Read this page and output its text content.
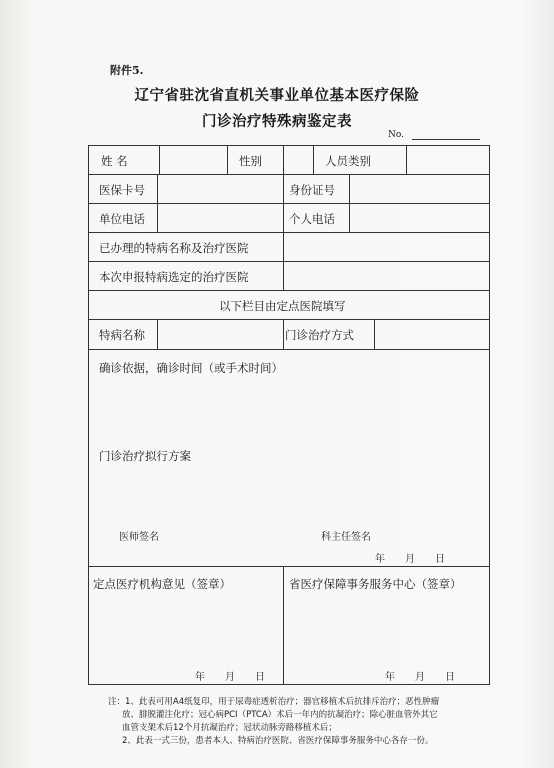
附件5.
辽宁省驻沈省直机关事业单位基本医疗保险
门诊治疗特殊病鉴定表
No.
姓 名	性别	人员类别
医保卡号	身份证号
单位电话	个人电话
已办理的特病名称及治疗医院
本次申报特病选定的治疗医院
以下栏目由定点医院填写
特病名称	门诊治疗方式
确诊依据，确诊时间（或手术时间）
门诊治疗拟行方案
医师签名	科主任签名
年　　月　　日
定点医疗机构意见（签章）	省医疗保障事务服务中心（签章）
年　　月　　日	年　　月　　日
注：1、此表可用A4纸复印，用于尿毒症透析治疗；器官移植术后抗排斥治疗；恶性肿瘤
放、腓脱灌注化疗；冠心病PCI（PTCA）术后一年内的抗凝治疗；除心脏血管外其它
血管支架术后12个月抗凝治疗；冠状动脉旁路移植术后；
2、此表一式三份，患者本人、特病治疗医院、省医疗保障事务服务中心各存一份。
